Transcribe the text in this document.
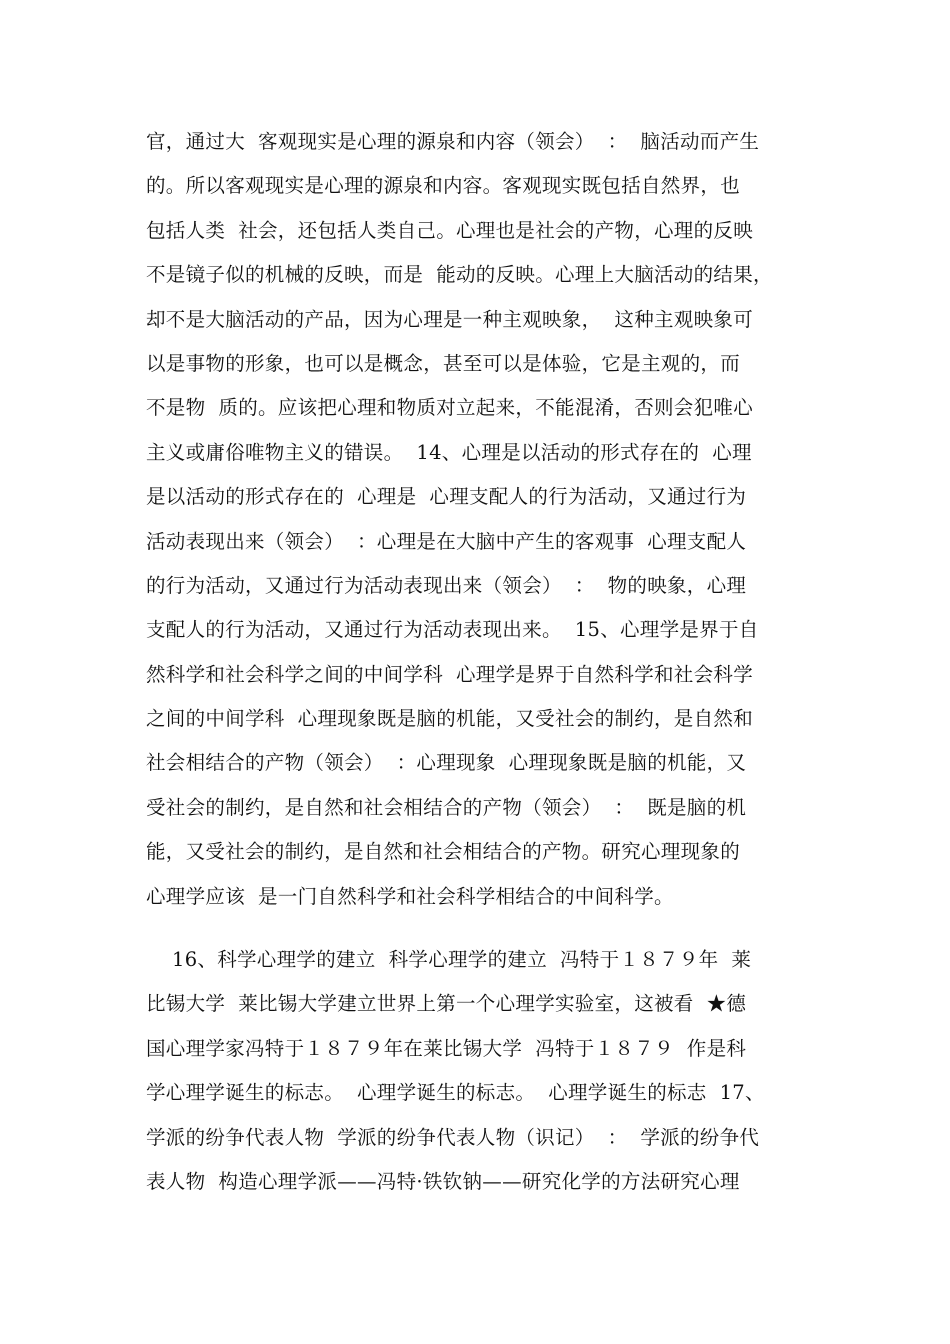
官，通过大  客观现实是心理的源泉和内容（领会）  ：  脑活动而产生
的。所以客观现实是心理的源泉和内容。客观现实既包括自然界，也
包括人类  社会，还包括人类自己。心理也是社会的产物，心理的反映
不是镜子似的机械的反映，而是  能动的反映。心理上大脑活动的结果，
却不是大脑活动的产品，因为心理是一种主观映象，  这种主观映象可
以是事物的形象，也可以是概念，甚至可以是体验，它是主观的，而
不是物  质的。应该把心理和物质对立起来，不能混淆，否则会犯唯心
主义或庸俗唯物主义的错误。  14、心理是以活动的形式存在的  心理
是以活动的形式存在的  心理是  心理支配人的行为活动，又通过行为
活动表现出来（领会）  ：心理是在大脑中产生的客观事  心理支配人
的行为活动，又通过行为活动表现出来（领会）  ：  物的映象，心理
支配人的行为活动，又通过行为活动表现出来。  15、心理学是界于自
然科学和社会科学之间的中间学科  心理学是界于自然科学和社会科学
之间的中间学科  心理现象既是脑的机能，又受社会的制约，是自然和
社会相结合的产物（领会）  ：心理现象  心理现象既是脑的机能，又
受社会的制约，是自然和社会相结合的产物（领会）  ：  既是脑的机
能，又受社会的制约，是自然和社会相结合的产物。研究心理现象的
心理学应该  是一门自然科学和社会科学相结合的中间科学。
16、科学心理学的建立  科学心理学的建立  冯特于１８７９年  莱
比锡大学  莱比锡大学建立世界上第一个心理学实验室，这被看  ★德
国心理学家冯特于１８７９年在莱比锡大学  冯特于１８７９  作是科
学心理学诞生的标志。  心理学诞生的标志。  心理学诞生的标志  17、
学派的纷争代表人物  学派的纷争代表人物（识记）  ：  学派的纷争代
表人物  构造心理学派——冯特·铁钦钠——研究化学的方法研究心理
